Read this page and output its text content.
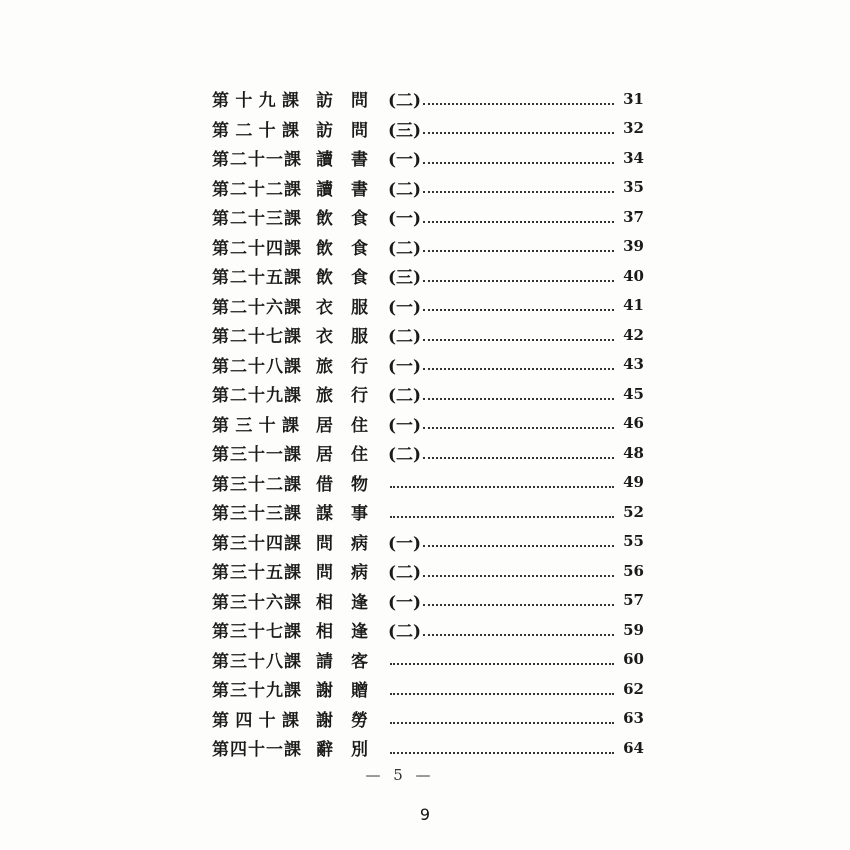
第十九課 訪問 (二)	31
第二十課 訪問 (三)	32
第二十一課 讀書 (一)	34
第二十二課 讀書 (二)	35
第二十三課 飲食 (一)	37
第二十四課 飲食 (二)	39
第二十五課 飲食 (三)	40
第二十六課 衣服 (一)	41
第二十七課 衣服 (二)	42
第二十八課 旅行 (一)	43
第二十九課 旅行 (二)	45
第三十課 居住 (一)	46
第三十一課 居住 (二)	48
第三十二課 借物	49
第三十三課 謀事	52
第三十四課 問病 (一)	55
第三十五課 問病 (二)	56
第三十六課 相逢 (一)	57
第三十七課 相逢 (二)	59
第三十八課 請客	60
第三十九課 謝贈	62
第四十課 謝勞	63
第四十一課 辭別	64
— 5 —
9
